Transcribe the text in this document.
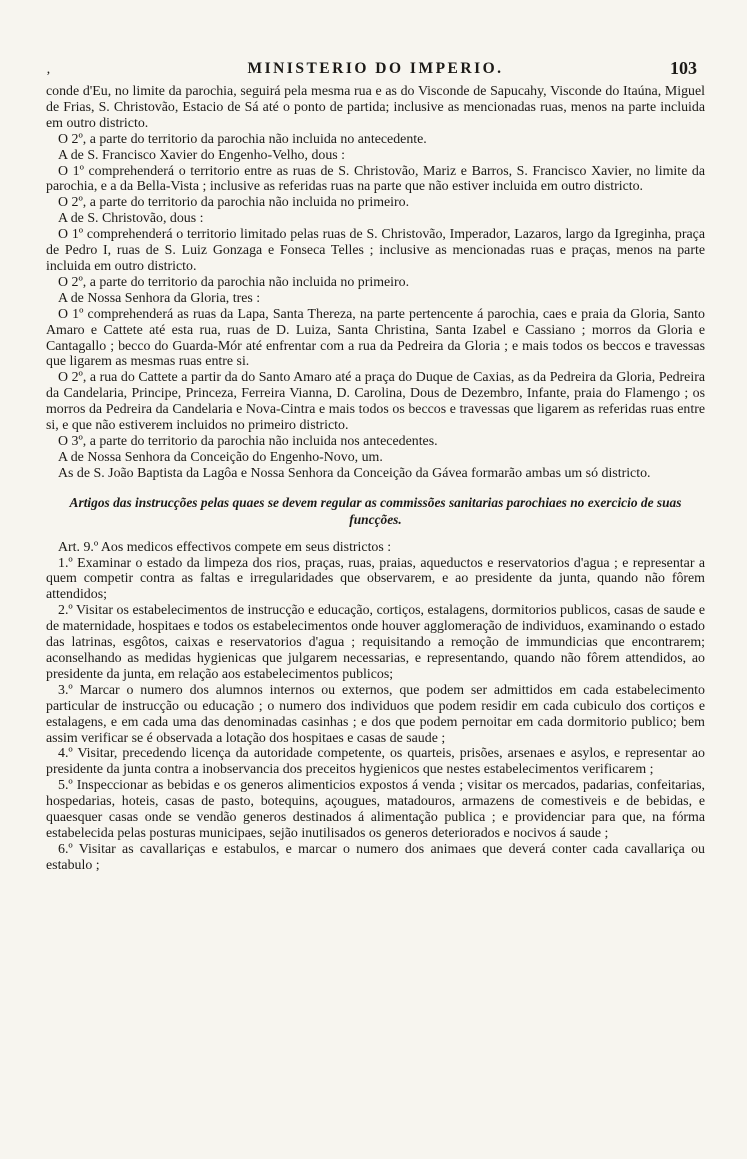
‚	MINISTERIO DO IMPERIO.	103

conde d'Eu, no limite da parochia, seguirá pela mesma rua e as do Visconde de Sapucahy, Visconde do Itaúna, Miguel de Frias, S. Christovão, Estacio de Sá até o ponto de partida; inclusive as mencionadas ruas, menos na parte incluida em outro districto.

O 2º, a parte do territorio da parochia não incluida no antecedente.

A de S. Francisco Xavier do Engenho-Velho, dous :

O 1º comprehenderá o territorio entre as ruas de S. Christovão, Mariz e Barros, S. Francisco Xavier, no limite da parochia, e a da Bella-Vista ; inclusive as referidas ruas na parte que não estiver incluida em outro districto.

O 2º, a parte do territorio da parochia não incluida no primeiro.

A de S. Christovão, dous :

O 1º comprehenderá o territorio limitado pelas ruas de S. Christovão, Imperador, Lazaros, largo da Igreginha, praça de Pedro I, ruas de S. Luiz Gonzaga e Fonseca Telles ; inclusive as mencionadas ruas e praças, menos na parte incluida em outro districto.

O 2º, a parte do territorio da parochia não incluida no primeiro.

A de Nossa Senhora da Gloria, tres :

O 1º comprehenderá as ruas da Lapa, Santa Thereza, na parte pertencente á parochia, caes e praia da Gloria, Santo Amaro e Cattete até esta rua, ruas de D. Luiza, Santa Christina, Santa Izabel e Cassiano ; morros da Gloria e Cantagallo ; becco do Guarda-Mór até enfrentar com a rua da Pedreira da Gloria ; e mais todos os beccos e travessas que ligarem as mesmas ruas entre si.

O 2º, a rua do Cattete a partir da do Santo Amaro até a praça do Duque de Caxias, as da Pedreira da Gloria, Pedreira da Candelaria, Principe, Princeza, Ferreira Vianna, D. Carolina, Dous de Dezembro, Infante, praia do Flamengo ; os morros da Pedreira da Candelaria e Nova-Cintra e mais todos os beccos e travessas que ligarem as referidas ruas entre si, e que não estiverem incluidos no primeiro districto.

O 3º, a parte do territorio da parochia não incluida nos antecedentes.

A de Nossa Senhora da Conceição do Engenho-Novo, um.

As de S. João Baptista da Lagôa e Nossa Senhora da Conceição da Gávea formarão ambas um só districto.

Artigos das instrucções pelas quaes se devem regular as commissões sanitarias parochiaes no exercicio de suas funcções.

Art. 9.º Aos medicos effectivos compete em seus districtos :

1.º Examinar o estado da limpeza dos rios, praças, ruas, praias, aqueductos e reservatorios d'agua ; e representar a quem competir contra as faltas e irregularidades que observarem, e ao presidente da junta, quando não fôrem attendidos;

2.º Visitar os estabelecimentos de instrucção e educação, cortiços, estalagens, dormitorios publicos, casas de saude e de maternidade, hospitaes e todos os estabelecimentos onde houver agglomeração de individuos, examinando o estado das latrinas, esgôtos, caixas e reservatorios d'agua ; requisitando a remoção de immundicias que encontrarem; aconselhando as medidas hygienicas que julgarem necessarias, e representando, quando não fôrem attendidos, ao presidente da junta, em relação aos estabelecimentos publicos;

3.º Marcar o numero dos alumnos internos ou externos, que podem ser admittidos em cada estabelecimento particular de instrucção ou educação ; o numero dos individuos que podem residir em cada cubiculo dos cortiços e estalagens, e em cada uma das denominadas casinhas ; e dos que podem pernoitar em cada dormitorio publico; bem assim verificar se é observada a lotação dos hospitaes e casas de saude ;

4.º Visitar, precedendo licença da autoridade competente, os quarteis, prisões, arsenaes e asylos, e representar ao presidente da junta contra a inobservancia dos preceitos hygienicos que nestes estabelecimentos verificarem ;

5.º Inspeccionar as bebidas e os generos alimenticios expostos á venda ; visitar os mercados, padarias, confeitarias, hospedarias, hoteis, casas de pasto, botequins, açougues, matadouros, armazens de comestiveis e de bebidas, e quaesquer casas onde se vendão generos destinados á alimentação publica ; e providenciar para que, na fórma estabelecida pelas posturas municipaes, sejão inutilisados os generos deteriorados e nocivos á saude ;

6.º Visitar as cavallariças e estabulos, e marcar o numero dos animaes que deverá conter cada cavallariça ou estabulo ;
